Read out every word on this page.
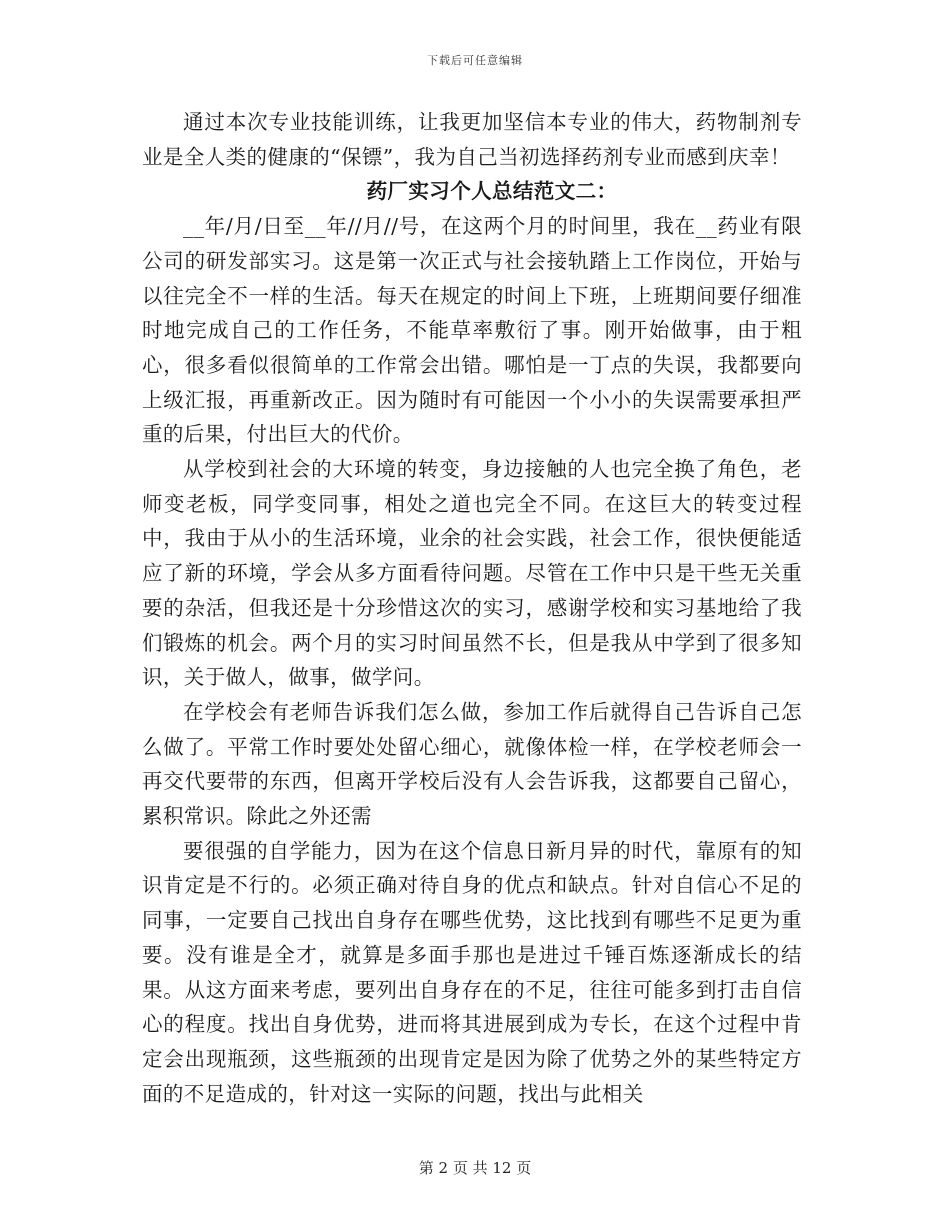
下载后可任意编辑

通过本次专业技能训练，让我更加坚信本专业的伟大，药物制剂专业是全人类的健康的“保镖”，我为自己当初选择药剂专业而感到庆幸！

药厂实习个人总结范文二：

__年/月/日至__年//月//号，在这两个月的时间里，我在__药业有限公司的研发部实习。这是第一次正式与社会接轨踏上工作岗位，开始与以往完全不一样的生活。每天在规定的时间上下班，上班期间要仔细准时地完成自己的工作任务，不能草率敷衍了事。刚开始做事，由于粗心，很多看似很简单的工作常会出错。哪怕是一丁点的失误，我都要向上级汇报，再重新改正。因为随时有可能因一个小小的失误需要承担严重的后果，付出巨大的代价。

从学校到社会的大环境的转变，身边接触的人也完全换了角色，老师变老板，同学变同事，相处之道也完全不同。在这巨大的转变过程中，我由于从小的生活环境，业余的社会实践，社会工作，很快便能适应了新的环境，学会从多方面看待问题。尽管在工作中只是干些无关重要的杂活，但我还是十分珍惜这次的实习，感谢学校和实习基地给了我们锻炼的机会。两个月的实习时间虽然不长，但是我从中学到了很多知识，关于做人，做事，做学问。

在学校会有老师告诉我们怎么做，参加工作后就得自己告诉自己怎么做了。平常工作时要处处留心细心，就像体检一样，在学校老师会一再交代要带的东西，但离开学校后没有人会告诉我，这都要自己留心，累积常识。除此之外还需

要很强的自学能力，因为在这个信息日新月异的时代，靠原有的知识肯定是不行的。必须正确对待自身的优点和缺点。针对自信心不足的同事，一定要自己找出自身存在哪些优势，这比找到有哪些不足更为重要。没有谁是全才，就算是多面手那也是进过千锤百炼逐渐成长的结果。从这方面来考虑，要列出自身存在的不足，往往可能多到打击自信心的程度。找出自身优势，进而将其进展到成为专长，在这个过程中肯定会出现瓶颈，这些瓶颈的出现肯定是因为除了优势之外的某些特定方面的不足造成的，针对这一实际的问题，找出与此相关

第 2 页 共 12 页
